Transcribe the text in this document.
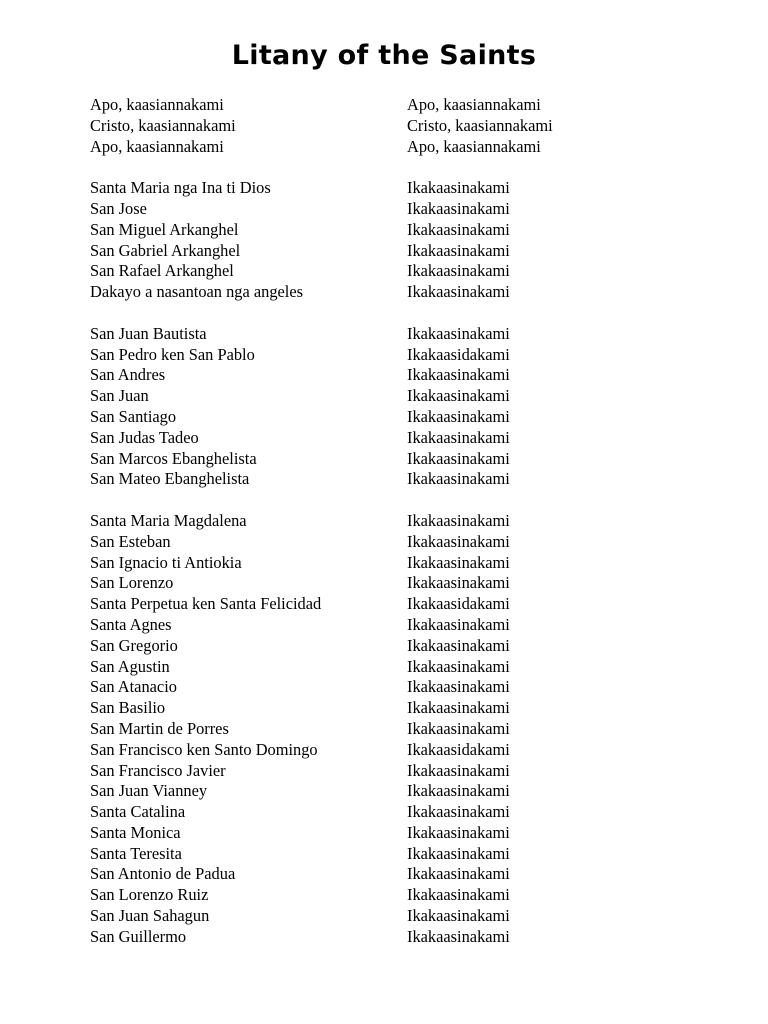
Litany of the Saints
Apo, kaasiannakami	Apo, kaasiannakami
Cristo, kaasiannakami	Cristo, kaasiannakami
Apo, kaasiannakami	Apo, kaasiannakami
Santa Maria nga Ina ti Dios	Ikakaasinakami
San Jose	Ikakaasinakami
San Miguel Arkanghel	Ikakaasinakami
San Gabriel Arkanghel	Ikakaasinakami
San Rafael Arkanghel	Ikakaasinakami
Dakayo a nasantoan nga angeles	Ikakaasinakami
San Juan Bautista	Ikakaasinakami
San Pedro ken San Pablo	Ikakaasidakami
San Andres	Ikakaasinakami
San Juan	Ikakaasinakami
San Santiago	Ikakaasinakami
San Judas Tadeo	Ikakaasinakami
San Marcos Ebanghelista	Ikakaasinakami
San Mateo Ebanghelista	Ikakaasinakami
Santa Maria Magdalena	Ikakaasinakami
San Esteban	Ikakaasinakami
San Ignacio ti Antiokia	Ikakaasinakami
San Lorenzo	Ikakaasinakami
Santa Perpetua ken Santa Felicidad	Ikakaasidakami
Santa Agnes	Ikakaasinakami
San Gregorio	Ikakaasinakami
San Agustin	Ikakaasinakami
San Atanacio	Ikakaasinakami
San Basilio	Ikakaasinakami
San Martin de Porres	Ikakaasinakami
San Francisco ken Santo Domingo	Ikakaasidakami
San Francisco Javier	Ikakaasinakami
San Juan Vianney	Ikakaasinakami
Santa Catalina	Ikakaasinakami
Santa Monica	Ikakaasinakami
Santa Teresita	Ikakaasinakami
San Antonio de Padua	Ikakaasinakami
San Lorenzo Ruiz	Ikakaasinakami
San Juan Sahagun	Ikakaasinakami
San Guillermo	Ikakaasinakami
